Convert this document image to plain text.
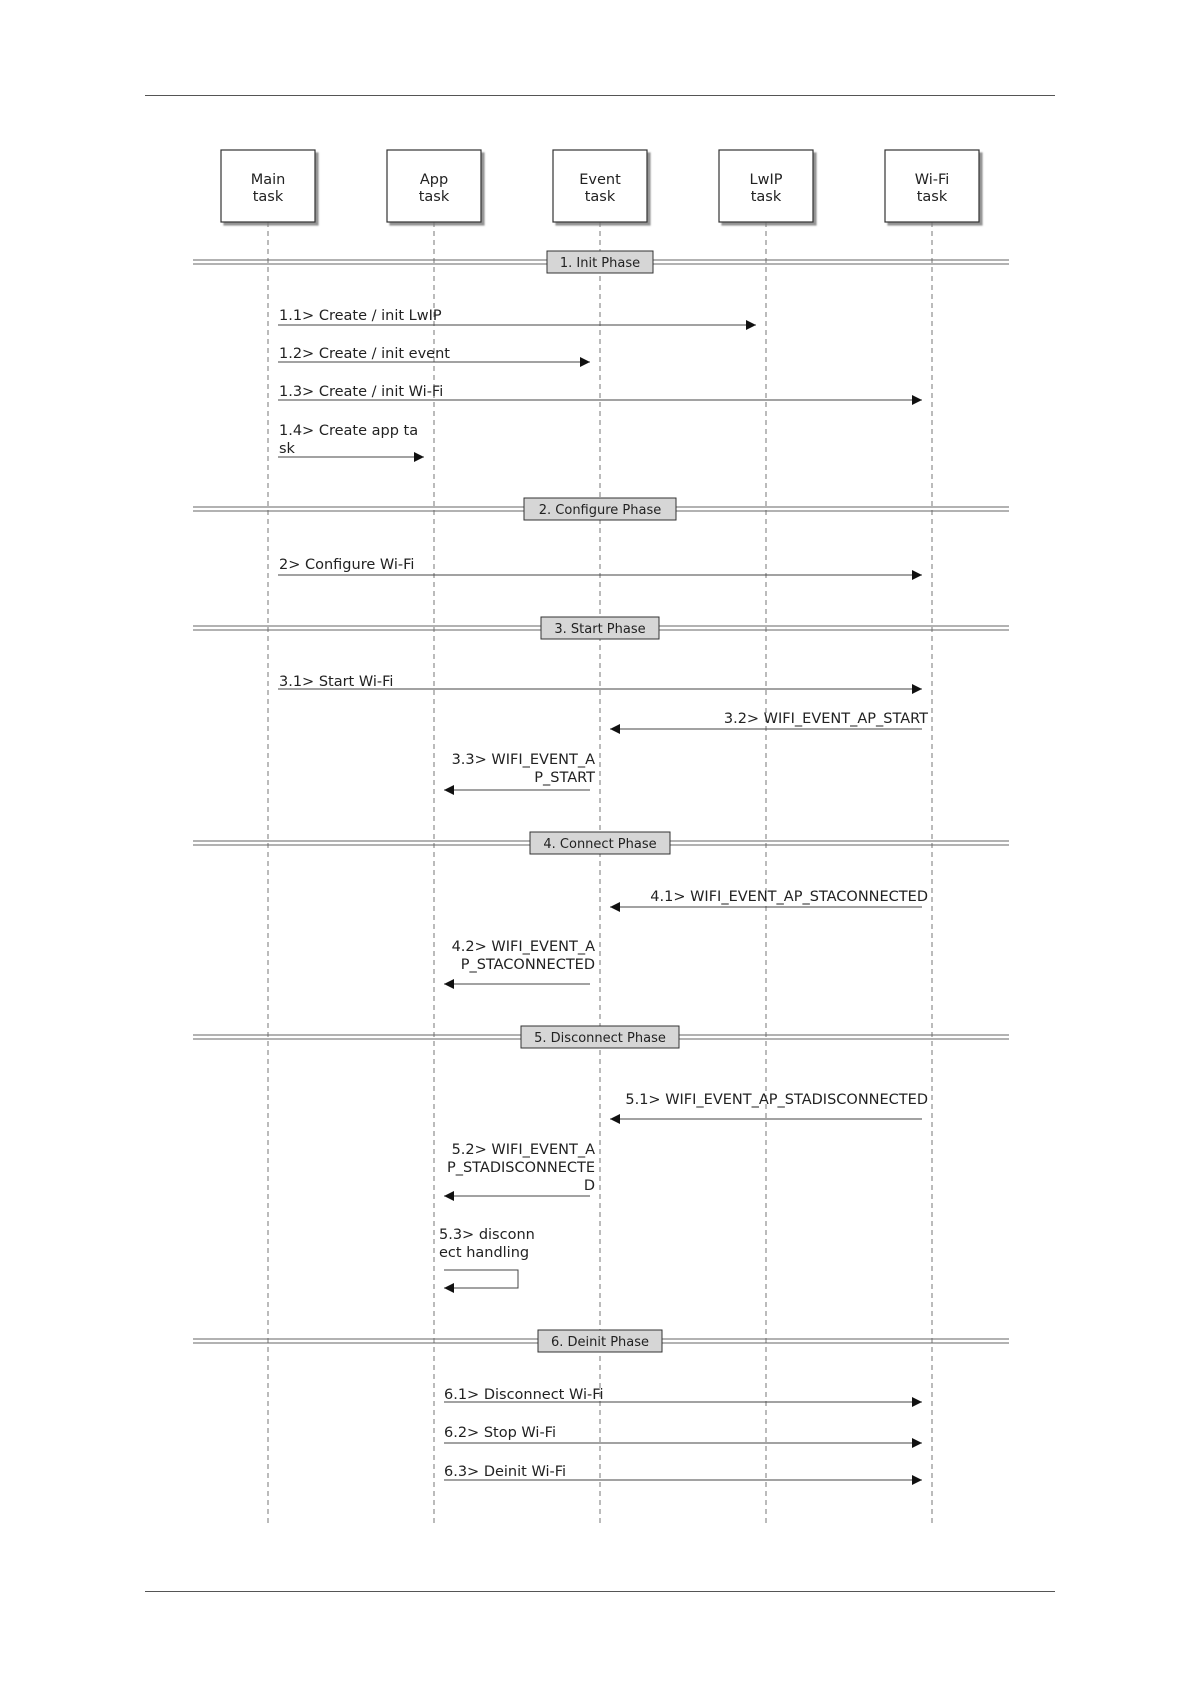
1. Init Phase
2. Configure Phase
3. Start Phase
4. Connect Phase
5. Disconnect Phase
6. Deinit Phase
1.1> Create / init LwIP
1.2> Create / init event
1.3> Create / init Wi-Fi
1.4> Create app ta
sk
2> Configure Wi-Fi
3.1> Start Wi-Fi
3.2> WIFI_EVENT_AP_START
3.3> WIFI_EVENT_A
P_START
4.1> WIFI_EVENT_AP_STACONNECTED
4.2> WIFI_EVENT_A
P_STACONNECTED
5.1> WIFI_EVENT_AP_STADISCONNECTED
5.2> WIFI_EVENT_A
P_STADISCONNECTE
D
5.3> disconn
ect handling
6.1> Disconnect Wi-Fi
6.2> Stop Wi-Fi
6.3> Deinit Wi-Fi
Main
task
App
task
Event
task
LwIP
task
Wi-Fi
task
